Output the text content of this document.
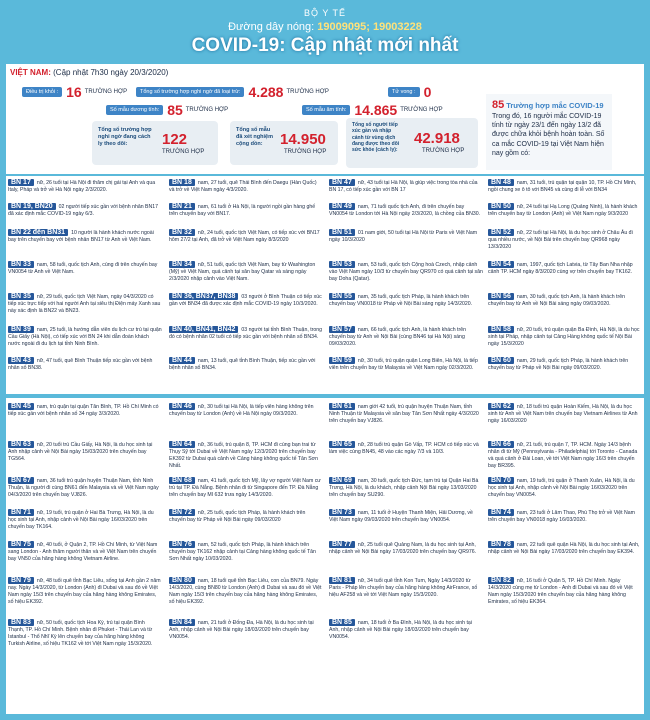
BỘ Y TẾ
Đường dây nóng: 19009095; 19003228
COVID-19: Cập nhật mới nhất
VIỆT NAM: (Cập nhật 7h30 ngày 20/3/2020)
Điều trị khỏi : 16 TRƯỜNG HỢP	Tổng số trường hợp nghi ngờ đã loại trừ: 4.288 TRƯỜNG HỢP	Tử vong : 0
Số mẫu dương tính: 85 TRƯỜNG HỢP	Số mẫu âm tính: 14.865 TRƯỜNG HỢP
Tổng số trường hợp nghi ngờ đang cách ly theo dõi:	122
TRƯỜNG HỢP
Tổng số mẫu đã xét nghiệm cộng dồn:	14.950
TRƯỜNG HỢP
Tổng số người tiếp xúc gần và nhập cảnh từ vùng dịch đang được theo dõi sức khỏe (cách ly):
42.918
TRƯỜNG HỢP
85 Trường hợp mắc COVID-19
Trong đó, 16 người mắc COVID-19 tính từ ngày 23/1 đến ngày 13/2 đã được chữa khỏi bệnh hoàn toàn. Số ca mắc COVID-19 tại Việt Nam hiện nay gồm có:
BN 17 nữ, 26 tuổi tại Hà Nội đi thăm chị gái tại Anh và qua Italy, Pháp và trở về Hà Nội ngày 2/3/2020.
BN 18 nam, 27 tuổi, quê Thái Bình đến Daegu (Hàn Quốc) và trở về Việt Nam ngày 4/3/2020.
BN 47 nữ, 43 tuổi tại Hà Nội, là giúp việc trong tòa nhà của BN 17, có tiếp xúc gần với BN 17
BN 48 nam, 31 tuổi, trú quận tại quận 10, TP. Hồ Chí Minh, ngồi chung xe ô tô với BN45 và cùng đi lễ với BN34
BN 19, BN20 02 người tiếp xúc gần với bệnh nhân BN17 đã xác định mắc COVID-19 ngày 6/3.
BN 21 nam, 61 tuổi ở Hà Nội, là người ngồi gần hàng ghế trên chuyến bay với BN17.
BN 49 nam, 71 tuổi quốc tịch Anh, đi trên chuyến bay VN0054 từ London tới Hà Nội ngày 2/3/2020, là chồng của BN30.
BN 50 nữ, 24 tuổi tại Hạ Long (Quảng Ninh), là hành khách trên chuyến bay từ London (Anh) về Việt Nam ngày 9/3/2020
BN 22 đến BN31 10 người là hành khách nước ngoài bay trên chuyến bay với bệnh nhân BN17 từ Anh về Việt Nam.
BN 32 nữ, 24 tuổi, quốc tịch Việt Nam, có tiếp xúc với BN17 hôm 27/2 tại Anh, đã trở về Việt Nam ngày 8/3/2020
BN 51 01 nam giới, 50 tuổi tại Hà Nội từ Paris về Việt Nam ngày 10/3/2020
BN 52 nữ, 22 tuổi tại Hà Nội, là du học sinh ở Châu Âu đi qua nhiều nước, về Nội Bài trên chuyến bay QR968 ngày 13/3/2020
BN 33 nam, 58 tuổi, quốc tịch Anh, cùng đi trên chuyến bay VN0054 từ Anh về Việt Nam.
BN 34 nữ, 51 tuổi, quốc tịch Việt Nam, bay từ Washington (Mỹ) về Việt Nam, quá cảnh tại sân bay Qatar và sáng ngày 2/3/2020 nhập cảnh vào Việt Nam.
BN 53 nam, 53 tuổi, quốc tịch Cộng hoà Czech, nhập cảnh vào Việt Nam ngày 10/3 từ chuyến bay QR970 có quá cảnh tại sân bay Doha (Qatar).
BN 54 nam, 1997, quốc tịch Latvia, từ Tây Ban Nha nhập cảnh TP. HCM ngày 8/3/2020 cùng vợ trên chuyến bay TK162.
BN 35 nữ, 29 tuổi, quốc tịch Việt Nam, ngày 04/3/2020 có tiếp xúc trực tiếp với hai người Anh tại siêu thị Điện máy Xanh sau này xác định là BN22 và BN23.
BN 36, BN37, BN38 03 người ở Bình Thuận có tiếp xúc gần với BN34 đã được xác định mắc COVID-19 ngày 10/3/2020.
BN 55 nam, 35 tuổi, quốc tịch Pháp, là hành khách trên chuyến bay VN0018 từ Pháp về Nội Bài sáng ngày 14/3/2020.
BN 56 nam, 30 tuổi, quốc tịch Anh, là hành khách trên chuyến bay từ Anh về Nội Bài sáng ngày 09/03/2020.
BN 39 nam, 25 tuổi, là hướng dẫn viên du lịch cư trú tại quận Cầu Giấy (Hà Nội), có tiếp xúc với BN 24 khi dẫn đoàn khách nước ngoài đi du lịch tại tỉnh Ninh Bình.
BN 40, BN41, BN42 03 người tại tỉnh Bình Thuận, trong đó có bệnh nhân 02 tuổi có tiếp xúc gần với bệnh nhân số BN34.
BN 57 nam, 66 tuổi, quốc tịch Anh, là hành khách trên chuyến bay từ Anh về Nội Bài (cùng BN46 tại Hà Nội) sáng 09/03/2020.
BN 58 nữ, 20 tuổi, trú quận quận Ba Đình, Hà Nội, là du học sinh tại Pháp, nhập cảnh tại Cảng Hàng không quốc tế Nội Bài ngày 15/3/2020
BN 43 nữ, 47 tuổi, quê Bình Thuận tiếp xúc gần với bệnh nhân số BN38.
BN 44 nam, 13 tuổi, quê tỉnh Bình Thuận, tiếp xúc gần với bệnh nhân số BN34.
BN 59 nữ, 30 tuổi, trú quận quận Long Biên, Hà Nội, là tiếp viên trên chuyến bay từ Malaysia về Việt Nam ngày 02/3/2020.
BN 60 nam, 29 tuổi, quốc tịch Pháp, là hành khách trên chuyến bay từ Pháp về Nội Bài ngày 09/03/2020.
BN 45 nam, trú quận tại quận Tân Bình, TP. Hồ Chí Minh có tiếp xúc gần với bệnh nhân số 34 ngày 3/3/2020.
BN 46 nữ, 30 tuổi tại Hà Nội, là tiếp viên hàng không trên chuyến bay từ London (Anh) về Hà Nội ngày 09/3/2020.
BN 61 nam giới 42 tuổi, trú quận huyện Thuận Nam, tỉnh Ninh Thuận từ Malaysia về sân bay Tân Sơn Nhất ngày 4/3/2020 trên chuyến bay VJ826.
BN 62 nữ, 18 tuổi trú quận Hoàn Kiếm, Hà Nội, là du học sinh từ Anh về Việt Nam trên chuyến bay Vietnam Airlines từ Anh ngày 16/03/2020
BN 63 nữ, 20 tuổi trú Cầu Giấy, Hà Nội, là du học sinh tại Anh nhập cảnh về Nội Bài ngày 15/03/2020 trên chuyến bay TG564.
BN 64 nữ, 36 tuổi, trú quận 8, TP. HCM đi cùng bạn trai từ Thụy Sỹ tới Dubai về Việt Nam ngày 12/3/2020 trên chuyến bay EK392 từ Dubai quá cảnh về Cảng hàng không quốc tế Tân Sơn Nhất.
BN 65 nữ, 28 tuổi trú quận Gò Vấp, TP. HCM có tiếp xúc và làm việc cùng BN45, 48 vào các ngày 7/3 và 10/3.
BN 66 nữ, 21 tuổi, trú quận 7, TP. HCM. Ngày 14/3 bệnh nhân đi từ Mỹ (Pennsylvania - Philadelphia) tới Toronto - Canada và quá cảnh ở Đài Loan, về tới Việt Nam ngày 16/3 trên chuyến bay BR395.
BN 67 nam, 36 tuổi trú quận huyện Thuận Nam, tỉnh Ninh Thuận, là người đi cùng BN61 đến Malaysia và về Việt Nam ngày 04/3/2020 trên chuyến bay VJ826.
BN 68 nam, 41 tuổi, quốc tịch Mỹ, lây vợ người Việt Nam cư trú tại TP. Đà Nẵng. Bệnh nhân đi từ Singapore đến TP. Đà Nẵng trên chuyến bay MI 632 trưa ngày 14/3/2020.
BN 69 nam, 30 tuổi, quốc tịch Đức, tạm trú tại Quận Hai Bà Trưng, Hà Nội, là du khách, nhập cảnh Nội Bài ngày 13/03/2020 trên chuyến bay SU290.
BN 70 nam, 19 tuổi, trú quận ở Thanh Xuân, Hà Nội, là du học sinh tại Anh, nhập cảnh về Nội Bài ngày 16/03/2020 trên chuyến bay VN0054.
BN 71 nữ, 19 tuổi, trú quận ở Hai Bà Trưng, Hà Nội, là du học sinh tại Anh, nhập cảnh về Nội Bài ngày 16/03/2020 trên chuyến bay TK164.
BN 72 nữ, 25 tuổi, quốc tịch Pháp, là hành khách trên chuyến bay từ Pháp về Nội Bài ngày 09/03/2020
BN 73 nam, 11 tuổi ở Huyện Thanh Miện, Hải Dương, về Việt Nam ngày 09/03/2020 trên chuyến bay VN0054.
BN 74 nam, 23 tuổi ở Lâm Thao, Phú Thọ trở về Việt Nam trên chuyến bay VN0018 ngày 16/03/2020.
BN 75 nữ, 40 tuổi, ở Quận 2, TP. Hồ Chí Minh, từ Việt Nam sang London - Anh thăm người thân và về Việt Nam trên chuyến bay VN50 của hãng hàng không Vietnam Airline.
BN 76 nam, 52 tuổi, quốc tịch Pháp, là hành khách trên chuyến bay TK162 nhập cảnh tại Cảng hàng không quốc tế Tân Sơn Nhất ngày 10/03/2020.
BN 77 nữ, 25 tuổi quê Quảng Nam, là du học sinh tại Anh, nhập cảnh về Nội Bài ngày 17/03/2020 trên chuyến bay QR976.
BN 78 nam, 22 tuổi quê quận Hà Nội, là du học sinh tại Anh, nhập cảnh về Nội Bài ngày 17/03/2020 trên chuyến bay EK394.
BN 79 nữ, 48 tuổi quê tỉnh Bạc Liêu, sống tại Anh gần 2 năm nay. Ngày 14/3/2020, từ London (Anh) đi Dubai và sau đó về Việt Nam ngày 15/3 trên chuyến bay của hãng hàng không Emirates, số hiệu EK392.
BN 80 nam, 18 tuổi quê tỉnh Bạc Liêu, con của BN79. Ngày 14/3/2020, cùng BN80 từ London (Anh) đi Dubai và sau đó về Việt Nam ngày 15/3 trên chuyến bay của hãng hàng không Emirates, số hiệu EK392.
BN 81 nữ, 34 tuổi quê tỉnh Kon Tum, Ngày 14/3/2020 từ Paris - Pháp lên chuyến bay của hãng hàng không AirFrance, số hiệu AF258 và về tới Việt Nam ngày 15/3/2020.
BN 82 nữ, 16 tuổi ở Quận 5, TP. Hồ Chí Minh. Ngày 14/3/2020 cùng mẹ từ London - Anh đi Dubai và sau đó về Việt Nam ngày 15/3/2020 trên chuyến bay của hãng hàng không Emirates, số hiệu EK364.
BN 83 nữ, 50 tuổi, quốc tịch Hoa Kỳ, trú tại quận Bình Thạnh, TP. Hồ Chí Minh. Bệnh nhân đi Phuket - Thái Lan và từ Istanbul - Thổ Nhĩ Kỳ lên chuyến bay của hãng hàng không Turkish Airline, số hiệu TK162 về tới Việt Nam ngày 15/3/2020.
BN 84 nam, 21 tuổi ở Đống Đa, Hà Nội, là du học sinh tại Anh, nhập cảnh về Nội Bài ngày 18/03/2020 trên chuyến bay VN0054.
BN 85 nam, 18 tuổi ở Ba Đình, Hà Nội, là du học sinh tại Anh, nhập cảnh về Nội Bài ngày 18/03/2020 trên chuyến bay VN0054.
